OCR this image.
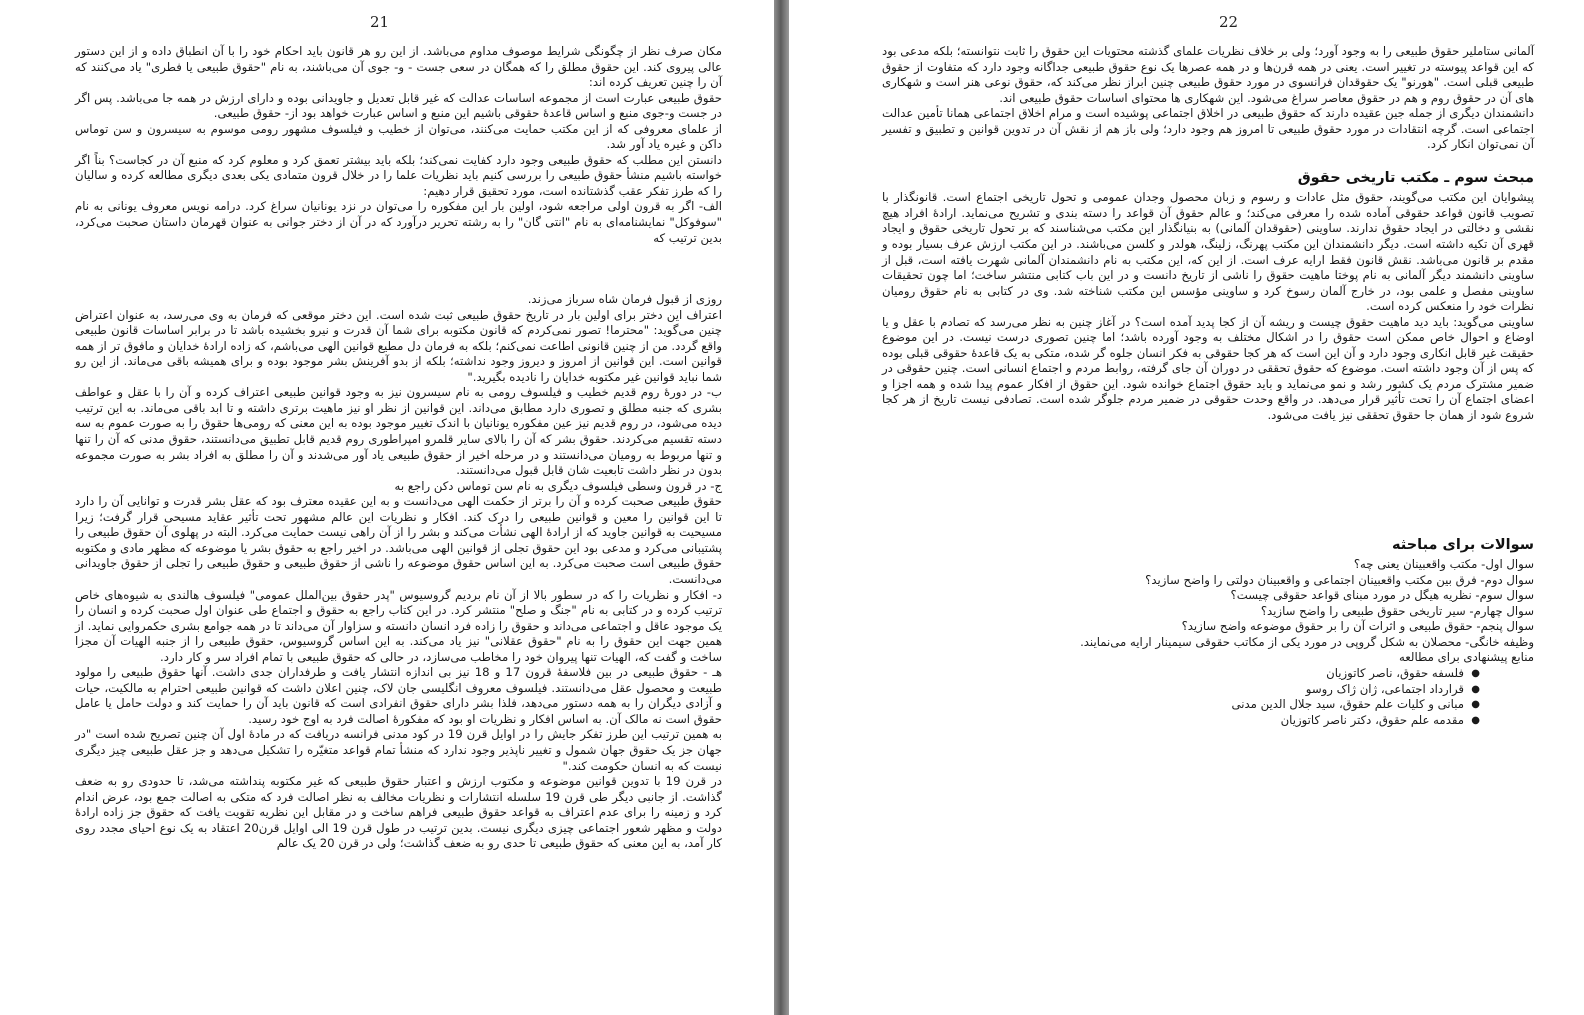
21

مکان صرف نظر از چگونگی شرایط موصوف مداوم می‌باشد. از این رو هر قانون باید احکام خود را با آن انطباق داده و از این دستور عالی پیروی کند. این حقوق مطلق را که همگان در سعی جست - و- جوی آن می‌باشند، به نام "حقوق طبیعی یا فطری" یاد می‌کنند که آن را چنین تعریف کرده اند:

حقوق طبیعی عبارت است از مجموعه اساسات عدالت که غیر قابل تعدیل و جاویدانی بوده و دارای ارزش در همه جا می‌باشد. پس اگر در جست و-جوی منبع و اساس قاعدهٔ حقوقی باشیم این منبع و اساس عبارت خواهد بود از- حقوق طبیعی.

از علمای معروفی که از این مکتب حمایت می‌کنند، می‌توان از خطیب و فیلسوف مشهور رومی موسوم به سیسرون و سن توماس داکن و غیره یاد آور شد.

دانستن این مطلب که حقوق طبیعی وجود دارد کفایت نمی‌کند؛ بلکه باید بیشتر تعمق کرد و معلوم کرد که منبع آن در کجاست؟ بناً اگر خواسته باشیم منشأ حقوق طبیعی را بررسی کنیم باید نظریات علما را در خلال قرون متمادی یکی بعدی دیگری مطالعه کرده و سالیان را که طرز تفکر عقب گذشتانده است، مورد تحقیق قرار دهیم:

الف- اگر به قرون اولی مراجعه شود، اولین بار این مفکوره را می‌توان در نزد یونانیان سراغ کرد. درامه نویس معروف یونانی به نام "سوفوکل" نمایشنامه‌ای به نام "انتی گان" را به رشته تحریر درآورد که در آن از دختر جوانی به عنوان قهرمان داستان صحبت می‌کرد، بدین ترتیب که

روزی از قبول فرمان شاه سرباز می‌زند.

اعتراف این دختر برای اولین بار در تاریخ حقوق طبیعی ثبت شده است. این دختر موقعی که فرمان به وی می‌رسد، به عنوان اعتراض چنین می‌گوید: "محترما! تصور نمی‌کردم که قانون مکتوبه برای شما آن قدرت و نیرو بخشیده باشد تا در برابر اساسات قانون طبیعی واقع گردد. من از چنین قانونی اطاعت نمی‌کنم؛ بلکه به فرمان دل مطیع قوانین الهی می‌باشم، که زاده ارادهٔ خدایان و مافوق تر از همه قوانین است. این قوانین از امروز و دیروز وجود نداشته؛ بلکه از بدو آفرینش بشر موجود بوده و برای همیشه باقی می‌ماند. از این رو شما نباید قوانین غیر مکتوبه خدایان را نادیده بگیرید."

ب- در دورهٔ روم قدیم خطیب و فیلسوف رومی به نام سیسرون نیز به وجود قوانین طبیعی اعتراف کرده و آن را با عقل و عواطف بشری که جنبه مطلق و تصوری دارد مطابق می‌داند. این قوانین از نظر او نیز ماهیت برتری داشته و تا ابد باقی می‌ماند. به این ترتیب دیده می‌شود، در روم قدیم نیز عین مفکوره یونانیان با اندک تغییر موجود بوده به این معنی که رومی‌ها حقوق را به صورت عموم به سه دسته تقسیم می‌کردند. حقوق بشر که آن را بالای سایر قلمرو امپراطوری روم قدیم قابل تطبیق می‌دانستند، حقوق مدنی که آن را تنها و تنها مربوط به رومیان می‌دانستند و در مرحله اخیر از حقوق طبیعی یاد آور می‌شدند و آن را مطلق به افراد بشر به صورت مجموعه بدون در نظر داشت تابعیت شان قابل قبول می‌دانستند.

ج- در قرون وسطی فیلسوف دیگری به نام سن توماس دکن راجع به

حقوق طبیعی صحبت کرده و آن را برتر از حکمت الهی می‌دانست و به این عقیده معترف بود که عقل بشر قدرت و توانایی آن را دارد تا این قوانین را معین و قوانین طبیعی را درک کند. افکار و نظریات این عالم مشهور تحت تأثیر عقاید مسیحی قرار گرفت؛ زیرا مسیحیت به قوانین جاوید که از ارادهٔ الهی نشأت می‌کند و بشر را از آن راهی نیست حمایت می‌کرد. البته در پهلوی آن حقوق طبیعی را پشتیبانی می‌کرد و مدعی بود این حقوق تجلی از قوانین الهی می‌باشد. در اخیر راجع به حقوق بشر یا موضوعه که مظهر مادی و مکتوبه حقوق طبیعی است صحبت می‌کرد. به این اساس حقوق موضوعه را ناشی از حقوق طبیعی و حقوق طبیعی را تجلی از حقوق جاویدانی می‌دانست.

د- افکار و نظریات را که در سطور بالا از آن نام بردیم گروسیوس "پدر حقوق بین‌الملل عمومی" فیلسوف هالندی به شیوه‌های خاص ترتیب کرده و در کتابی به نام "جنگ و صلح" منتشر کرد. در این کتاب راجع به حقوق و اجتماع طی عنوان اول صحبت کرده و انسان را یک موجود عاقل و اجتماعی می‌داند و حقوق را زاده فرد انسان دانسته و سزاوار آن می‌داند تا در همه جوامع بشری حکمروایی نماید. از همین جهت این حقوق را به نام "حقوق عقلانی" نیز یاد می‌کند. به این اساس گروسیوس، حقوق طبیعی را از جنبه الهیات آن مجزا ساخت و گفت که، الهیات تنها پیروان خود را مخاطب می‌سازد، در حالی که حقوق طبیعی با تمام افراد سر و کار دارد.

هـ - حقوق طبیعی در بین فلاسفهٔ قرون 17 و 18 نیز بی اندازه انتشار یافت و طرفداران جدی داشت. آنها حقوق طبیعی را مولود طبیعت و محصول عقل می‌دانستند. فیلسوف معروف انگلیسی جان لاک، چنین اعلان داشت که قوانین طبیعی احترام به مالکیت، حیات و آزادی دیگران را به همه دستور می‌دهد، فلذا بشر دارای حقوق انفرادی است که قانون باید آن را حمایت کند و دولت حامل یا عامل حقوق است نه مالک آن. به اساس افکار و نظریات او بود که مفکورهٔ اصالت فرد به اوج خود رسید.

به همین ترتیب این طرز تفکر جایش را در اوایل قرن 19 در کود مدنی فرانسه دریافت که در مادهٔ اول آن چنین تصریح شده است "در جهان جز یک حقوق جهان شمول و تغییر ناپذیر وجود ندارد که منشأ تمام قواعد متغیّره را تشکیل می‌دهد و جز عقل طبیعی چیز دیگری نیست که به انسان حکومت کند."

در قرن 19 با تدوین قوانین موضوعه و مکتوب ارزش و اعتبار حقوق طبیعی که غیر مکتوبه پنداشته می‌شد، تا حدودی رو به ضعف گذاشت. از جانبی دیگر طی قرن 19 سلسله انتشارات و نظریات مخالف به نظر اصالت فرد که متکی به اصالت جمع بود، عرض اندام کرد و زمینه را برای عدم اعتراف به قواعد حقوق طبیعی فراهم ساخت و در مقابل این نظریه تقویت یافت که حقوق جز زاده ارادهٔ دولت و مظهر شعور اجتماعی چیزی دیگری نیست. بدین ترتیب در طول قرن 19 الی اوایل قرن20 اعتقاد به یک نوع احیای مجدد روی کار آمد، به این معنی که حقوق طبیعی تا حدی رو به ضعف گذاشت؛ ولی در قرن 20 یک عالم

22

آلمانی ستاملیر حقوق طبیعی را به وجود آورد؛ ولی بر خلاف نظریات علمای گذشته محتویات این حقوق را ثابت نتوانسته؛ بلکه مدعی بود که این قواعد پیوسته در تغییر است. یعنی در همه قرن‌ها و در همه عصرها یک نوع حقوق طبیعی جداگانه وجود دارد که متفاوت از حقوق طبیعی قبلی است. "هورنو" یک حقوقدان فرانسوی در مورد حقوق طبیعی چنین ابراز نظر می‌کند که، حقوق نوعی هنر است و شهکاری های آن در حقوق روم و هم در حقوق معاصر سراغ می‌شود. این شهکاری ها محتوای اساسات حقوق طبیعی اند.

دانشمندان دیگری از جمله جین عقیده دارند که حقوق طبیعی در اخلاق اجتماعی پوشیده است و مرام اخلاق اجتماعی همانا تأمین عدالت اجتماعی است. گرچه انتقادات در مورد حقوق طبیعی تا امروز هم وجود دارد؛ ولی باز هم از نقش آن در تدوین قوانین و تطبیق و تفسیر آن نمی‌توان انکار کرد.

مبحث سوم ـ مکتب تاریخی حقوق

پیشوایان این مکتب می‌گویند، حقوق مثل عادات و رسوم و زبان محصول وجدان عمومی و تحول تاریخی اجتماع است. قانونگذار با تصویب قانون قواعد حقوقی آماده شده را معرفی می‌کند؛ و عالم حقوق آن قواعد را دسته بندی و تشریح می‌نماید. ارادهٔ افراد هیچ نقشی و دخالتی در ایجاد حقوق ندارند. ساوینی (حقوقدان آلمانی) به بنیانگذار این مکتب می‌شناسند که بر تحول تاریخی حقوق و ایجاد قهری آن تکیه داشته است. دیگر دانشمندان این مکتب پهرنگ، زلینگ، هولدر و کلسن می‌باشند. در این مکتب ارزش عرف بسیار بوده و مقدم بر قانون می‌باشد. نقش قانون فقط ارایه عرف است. از این که، این مکتب به نام دانشمندان آلمانی شهرت یافته است، قبل از ساوینی دانشمند دیگر آلمانی به نام پوختا ماهیت حقوق را ناشی از تاریخ دانست و در این باب کتابی منتشر ساخت؛ اما چون تحقیقات ساوینی مفصل و علمی بود، در خارج آلمان رسوخ کرد و ساوینی مؤسس این مکتب شناخته شد. وی در کتابی به نام حقوق رومیان نظرات خود را منعکس کرده است.

ساوینی می‌گوید: باید دید ماهیت حقوق چیست و ریشه آن از کجا پدید آمده است؟ در آغاز چنین به نظر می‌رسد که تصادم با عقل و یا اوضاع و احوال خاص ممکن است حقوق را در اشکال مختلف به وجود آورده باشد؛ اما چنین تصوری درست نیست. در این موضوع حقیقت غیر قابل انکاری وجود دارد و آن این است که هر کجا حقوقی به فکر انسان جلوه گر شده، متکی به یک قاعدهٔ حقوقی قبلی بوده که پس از آن وجود داشته است. موضوع که حقوق تحققی در دوران آن جای گرفته، روابط مردم و اجتماع انسانی است. چنین حقوقی در ضمیر مشترک مردم یک کشور رشد و نمو می‌نماید و باید حقوق اجتماع خوانده شود. این حقوق از افکار عموم پیدا شده و همه اجزا و اعضای اجتماع آن را تحت تأثیر قرار می‌دهد. در واقع وحدت حقوقی در ضمیر مردم جلوگر شده است. تصادفی نیست تاریخ از هر کجا شروع شود از همان جا حقوق تحققی نیز یافت می‌شود.

سوالات برای مباحثه

سوال اول- مکتب واقعبینان یعنی چه؟

سوال دوم- فرق بین مکتب واقعبینان اجتماعی و واقعبینان دولتی را واضح سازید؟

سوال سوم- نظریه هیگل در مورد مبنای قواعد حقوقی چیست؟

سوال چهارم- سیر تاریخی حقوق طبیعی را واضح سازید؟

سوال پنجم- حقوق طبیعی و اثرات آن را بر حقوق موضوعه واضح سازید؟

وظیفه خانگی- محصلان به شکل گروپی در مورد یکی از مکاتب حقوقی سیمینار ارایه می‌نمایند.

منابع پیشنهادی برای مطالعه

●
فلسفه حقوق، ناصر کاتوزیان
●
قرارداد اجتماعی، ژان ژاک روسو
●
مبانی و کلیات علم حقوق، سید جلال الدین مدنی
●
مقدمه علم حقوق، دکتر ناصر کاتوزیان
